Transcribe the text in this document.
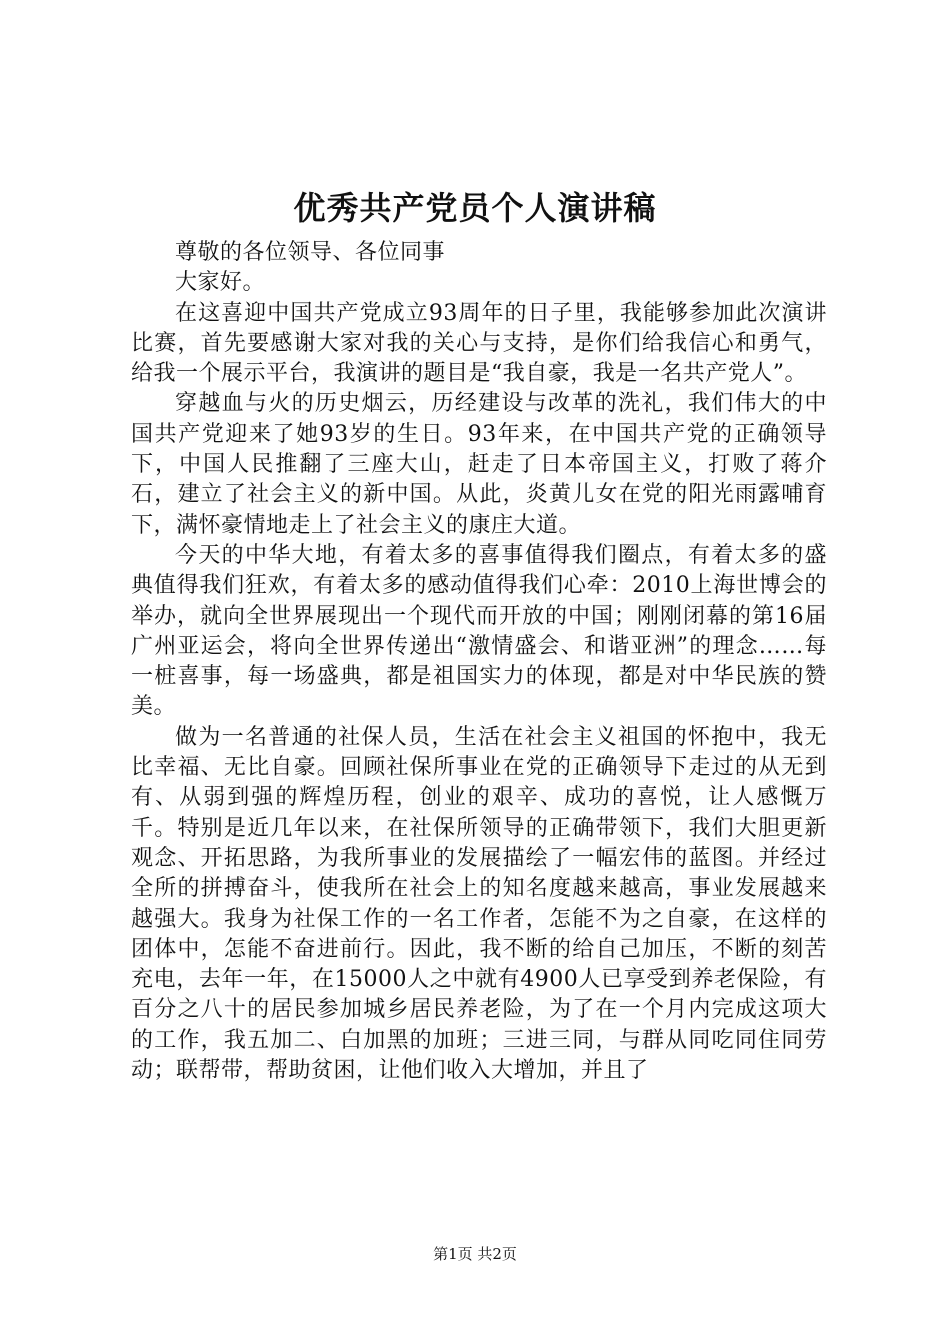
优秀共产党员个人演讲稿

尊敬的各位领导、各位同事

大家好。

在这喜迎中国共产党成立93周年的日子里，我能够参加此次演讲比赛，首先要感谢大家对我的关心与支持，是你们给我信心和勇气，给我一个展示平台，我演讲的题目是“我自豪，我是一名共产党人”。

穿越血与火的历史烟云，历经建设与改革的洗礼，我们伟大的中国共产党迎来了她93岁的生日。93年来，在中国共产党的正确领导下，中国人民推翻了三座大山，赶走了日本帝国主义，打败了蒋介石，建立了社会主义的新中国。从此，炎黄儿女在党的阳光雨露哺育下，满怀豪情地走上了社会主义的康庄大道。

今天的中华大地，有着太多的喜事值得我们圈点，有着太多的盛典值得我们狂欢，有着太多的感动值得我们心牵：2010上海世博会的举办，就向全世界展现出一个现代而开放的中国；刚刚闭幕的第16届广州亚运会，将向全世界传递出“激情盛会、和谐亚洲”的理念……每一桩喜事，每一场盛典，都是祖国实力的体现，都是对中华民族的赞美。

做为一名普通的社保人员，生活在社会主义祖国的怀抱中，我无比幸福、无比自豪。回顾社保所事业在党的正确领导下走过的从无到有、从弱到强的辉煌历程，创业的艰辛、成功的喜悦，让人感慨万千。特别是近几年以来，在社保所领导的正确带领下，我们大胆更新观念、开拓思路，为我所事业的发展描绘了一幅宏伟的蓝图。并经过全所的拼搏奋斗，使我所在社会上的知名度越来越高，事业发展越来越强大。我身为社保工作的一名工作者，怎能不为之自豪，在这样的团体中，怎能不奋进前行。因此，我不断的给自己加压，不断的刻苦充电，去年一年，在15000人之中就有4900人已享受到养老保险，有百分之八十的居民参加城乡居民养老险，为了在一个月内完成这项大的工作，我五加二、白加黑的加班；三进三同，与群从同吃同住同劳动；联帮带，帮助贫困，让他们收入大增加，并且了

第1页 共2页
